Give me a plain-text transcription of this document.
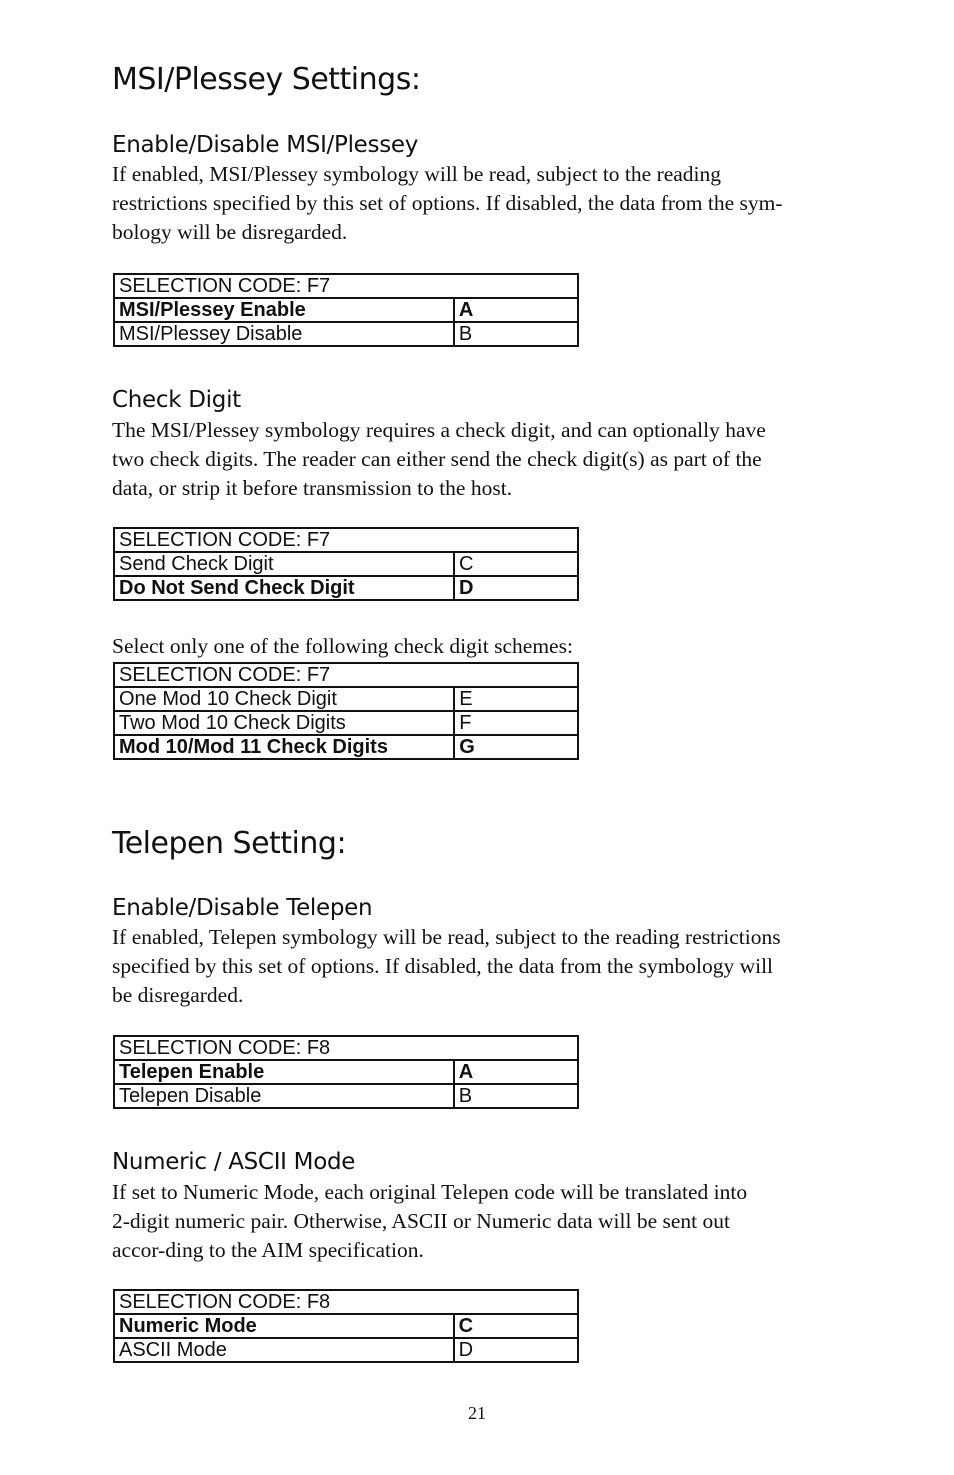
MSI/Plessey Settings:
Enable/Disable MSI/Plessey

If enabled, MSI/Plessey symbology will be read, subject to the reading
restrictions specified by this set of options. If disabled, the data from the sym-
bology will be disregarded.

SELECTION CODE: F7	
MSI/Plessey Enable	A
MSI/Plessey Disable	B
Check Digit

The MSI/Plessey symbology requires a check digit, and can optionally have
two check digits. The reader can either send the check digit(s) as part of the
data, or strip it before transmission to the host.

SELECTION CODE: F7	
Send Check Digit	C
Do Not Send Check Digit	D

Select only one of the following check digit schemes:

SELECTION CODE: F7	
One Mod 10 Check Digit	E
Two Mod 10 Check Digits	F
Mod 10/Mod 11 Check Digits	G
Telepen Setting:
Enable/Disable Telepen

If enabled, Telepen symbology will be read, subject to the reading restrictions
specified by this set of options. If disabled, the data from the symbology will
be disregarded.

SELECTION CODE: F8	
Telepen Enable	A
Telepen Disable	B
Numeric / ASCII Mode

If set to Numeric Mode, each original Telepen code will be translated into
2-digit numeric pair. Otherwise, ASCII or Numeric data will be sent out
accor-ding to the AIM specification.

SELECTION CODE: F8	
Numeric Mode	C
ASCII Mode	D
21
